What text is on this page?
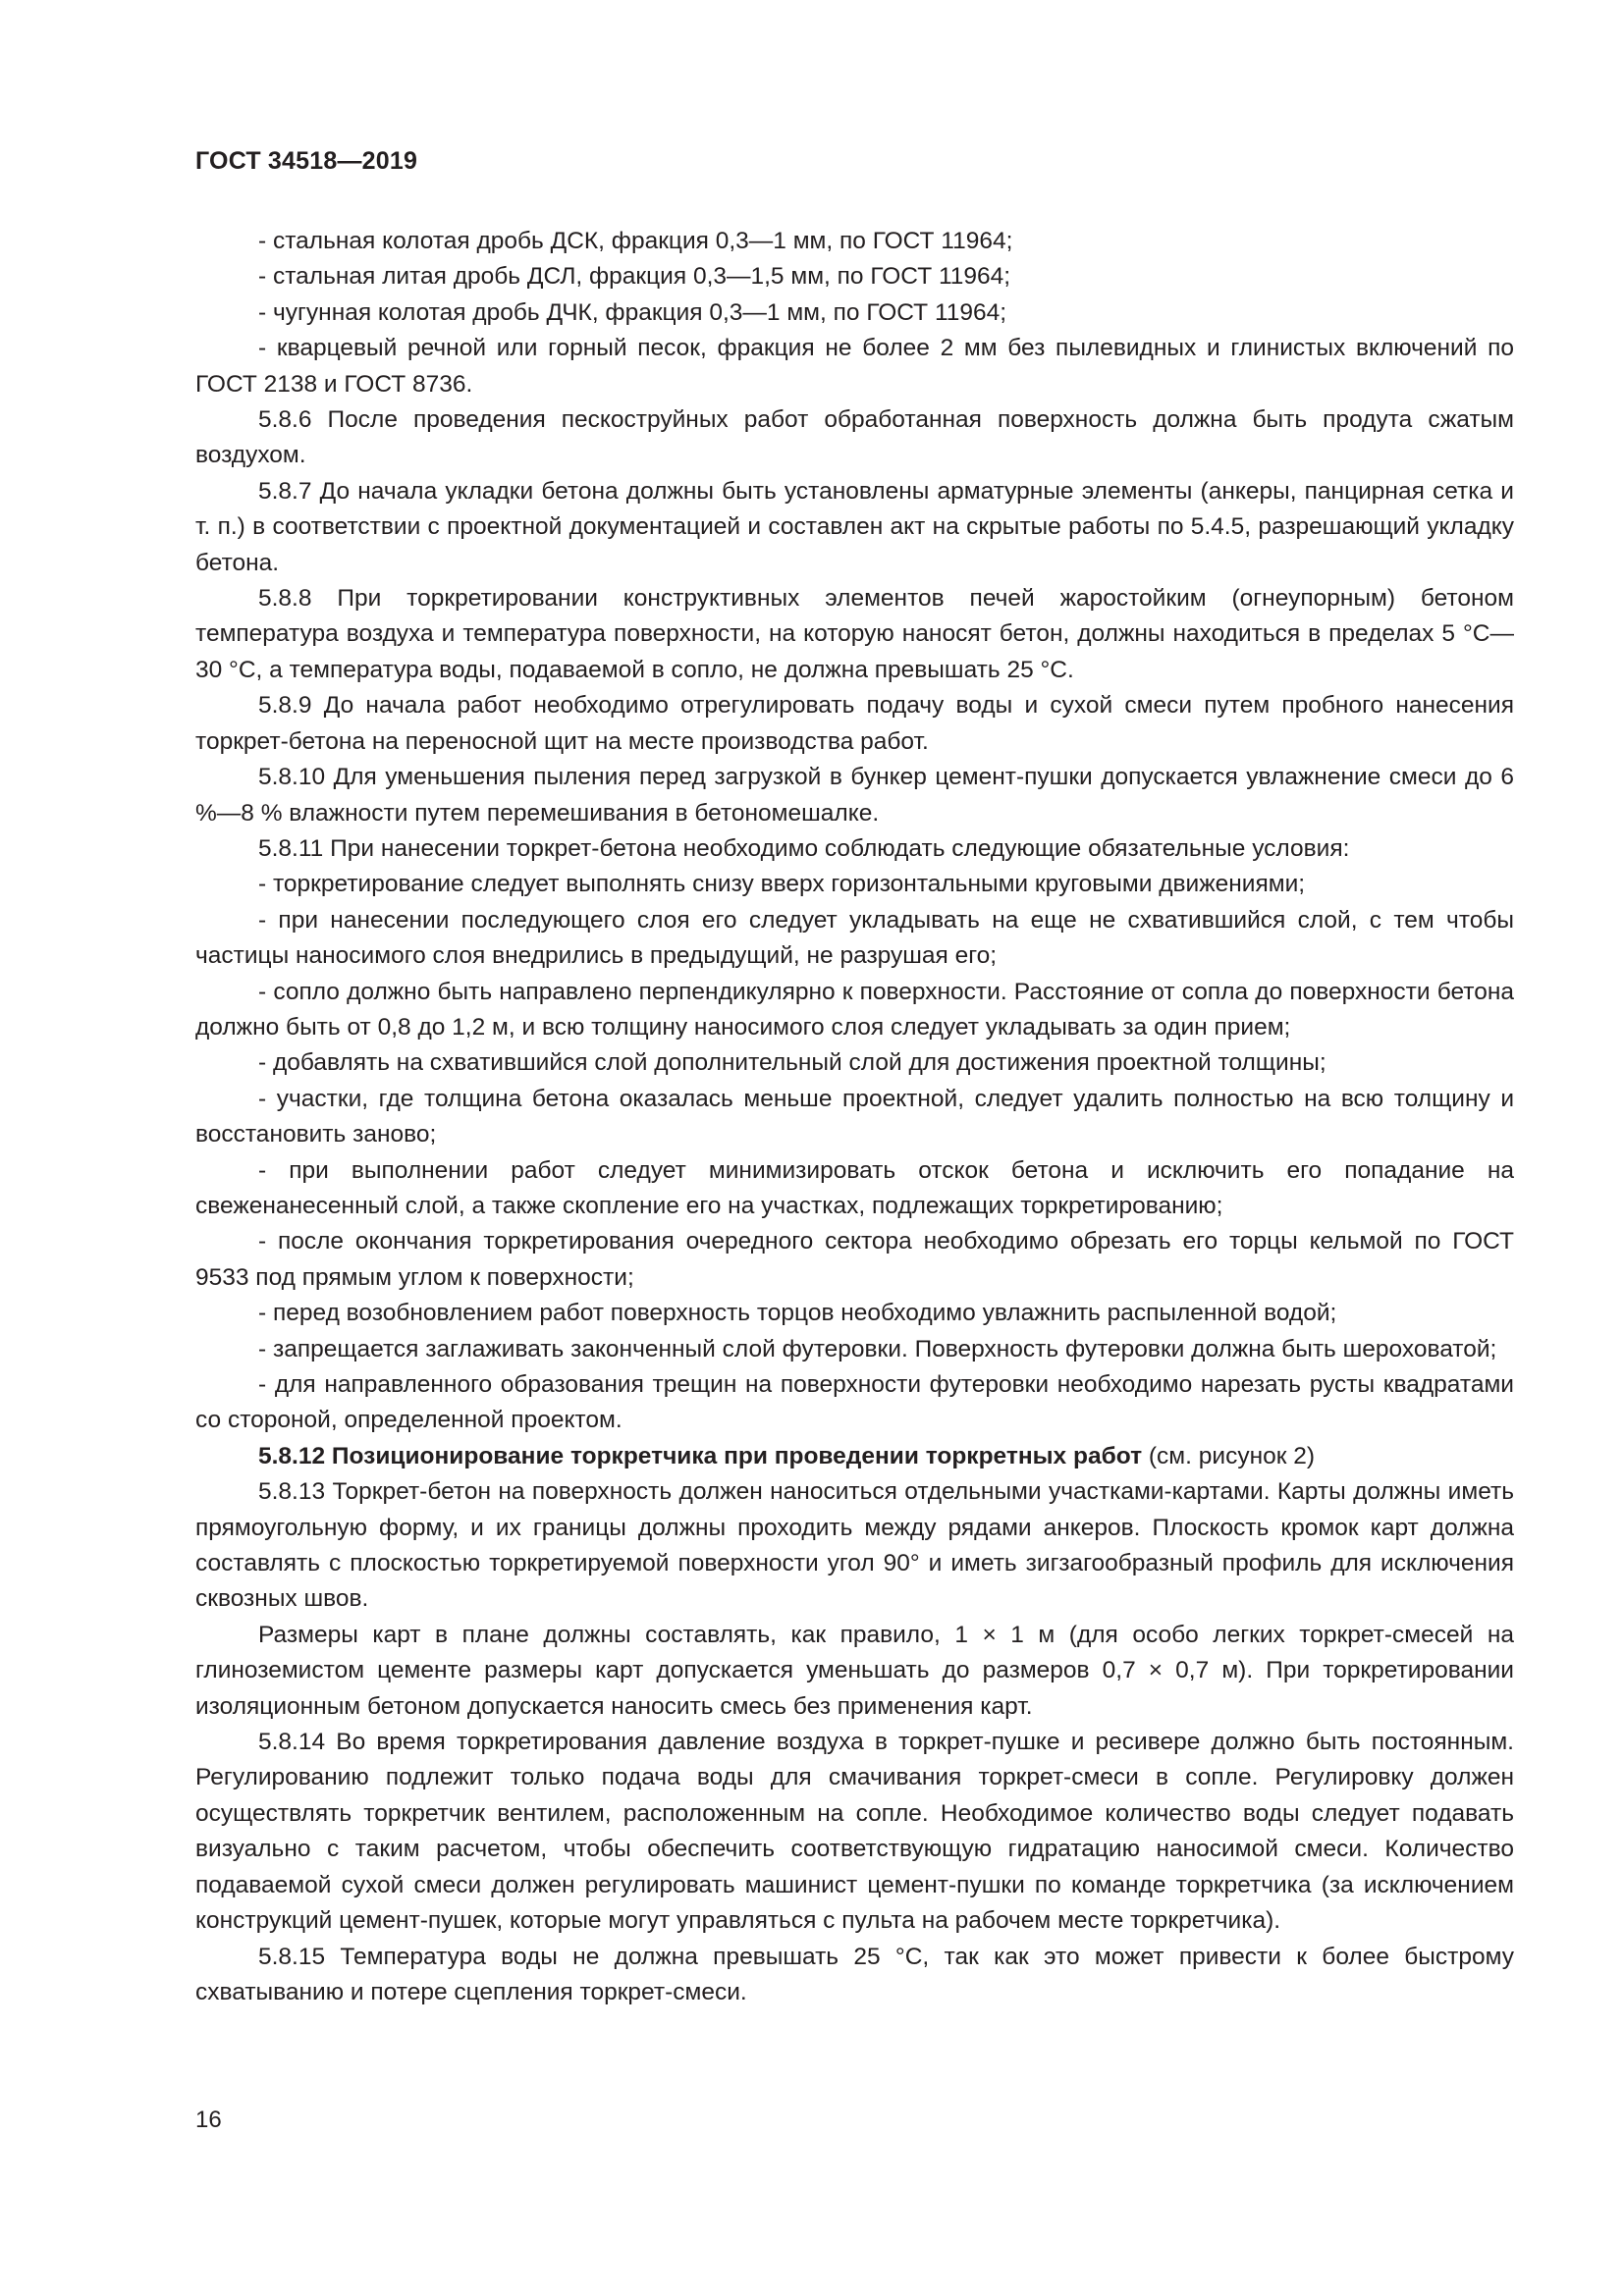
ГОСТ 34518—2019

- стальная колотая дробь ДСК, фракция 0,3—1 мм, по ГОСТ 11964;

- стальная литая дробь ДСЛ, фракция 0,3—1,5 мм, по ГОСТ 11964;

- чугунная колотая дробь ДЧК, фракция 0,3—1 мм, по ГОСТ 11964;

- кварцевый речной или горный песок, фракция не более 2 мм без пылевидных и глинистых включений по ГОСТ 2138 и ГОСТ 8736.

5.8.6 После проведения пескоструйных работ обработанная поверхность должна быть продута сжатым воздухом.

5.8.7 До начала укладки бетона должны быть установлены арматурные элементы (анкеры, панцирная сетка и т. п.) в соответствии с проектной документацией и составлен акт на скрытые работы по 5.4.5, разрешающий укладку бетона.

5.8.8 При торкретировании конструктивных элементов печей жаростойким (огнеупорным) бетоном температура воздуха и температура поверхности, на которую наносят бетон, должны находиться в пределах 5 °С—30 °С, а температура воды, подаваемой в сопло, не должна превышать 25 °С.

5.8.9 До начала работ необходимо отрегулировать подачу воды и сухой смеси путем пробного нанесения торкрет-бетона на переносной щит на месте производства работ.

5.8.10 Для уменьшения пыления перед загрузкой в бункер цемент-пушки допускается увлажнение смеси до 6 %—8 % влажности путем перемешивания в бетономешалке.

5.8.11 При нанесении торкрет-бетона необходимо соблюдать следующие обязательные условия:

- торкретирование следует выполнять снизу вверх горизонтальными круговыми движениями;

- при нанесении последующего слоя его следует укладывать на еще не схватившийся слой, с тем чтобы частицы наносимого слоя внедрились в предыдущий, не разрушая его;

- сопло должно быть направлено перпендикулярно к поверхности. Расстояние от сопла до поверхности бетона должно быть от 0,8 до 1,2 м, и всю толщину наносимого слоя следует укладывать за один прием;

- добавлять на схватившийся слой дополнительный слой для достижения проектной толщины;

- участки, где толщина бетона оказалась меньше проектной, следует удалить полностью на всю толщину и восстановить заново;

- при выполнении работ следует минимизировать отскок бетона и исключить его попадание на свеженанесенный слой, а также скопление его на участках, подлежащих торкретированию;

- после окончания торкретирования очередного сектора необходимо обрезать его торцы кельмой по ГОСТ 9533 под прямым углом к поверхности;

- перед возобновлением работ поверхность торцов необходимо увлажнить распыленной водой;

- запрещается заглаживать законченный слой футеровки. Поверхность футеровки должна быть шероховатой;

- для направленного образования трещин на поверхности футеровки необходимо нарезать русты квадратами со стороной, определенной проектом.

5.8.12 Позиционирование торкретчика при проведении торкретных работ (см. рисунок 2)

5.8.13 Торкрет-бетон на поверхность должен наноситься отдельными участками-картами. Карты должны иметь прямоугольную форму, и их границы должны проходить между рядами анкеров. Плоскость кромок карт должна составлять с плоскостью торкретируемой поверхности угол 90° и иметь зигзагообразный профиль для исключения сквозных швов.

Размеры карт в плане должны составлять, как правило, 1 × 1 м (для особо легких торкрет-смесей на глиноземистом цементе размеры карт допускается уменьшать до размеров 0,7 × 0,7 м). При торкретировании изоляционным бетоном допускается наносить смесь без применения карт.

5.8.14 Во время торкретирования давление воздуха в торкрет-пушке и ресивере должно быть постоянным. Регулированию подлежит только подача воды для смачивания торкрет-смеси в сопле. Регулировку должен осуществлять торкретчик вентилем, расположенным на сопле. Необходимое количество воды следует подавать визуально с таким расчетом, чтобы обеспечить соответствующую гидратацию наносимой смеси. Количество подаваемой сухой смеси должен регулировать машинист цемент-пушки по команде торкретчика (за исключением конструкций цемент-пушек, которые могут управляться с пульта на рабочем месте торкретчика).

5.8.15 Температура воды не должна превышать 25 °С, так как это может привести к более быстрому схватыванию и потере сцепления торкрет-смеси.

16
